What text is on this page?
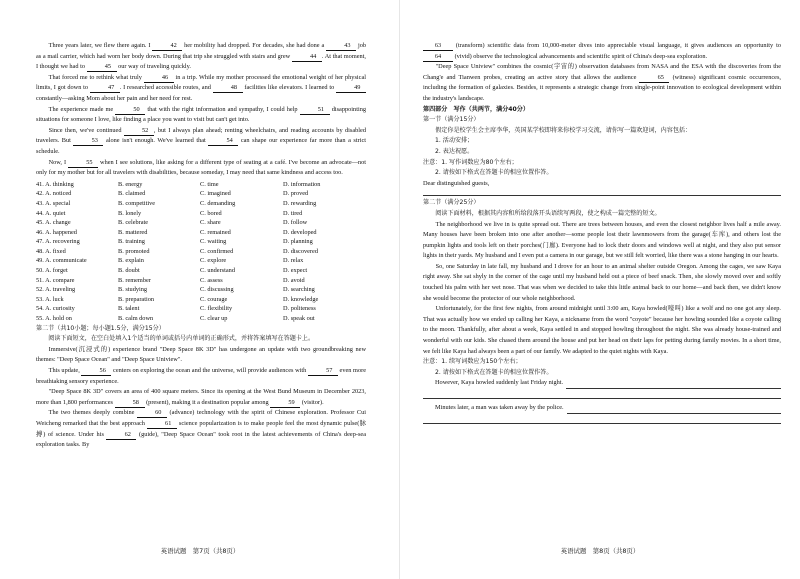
Three years later, we flew there again. I	42 her mobility had dropped. For decades, she had done a	43 job as a mail carrier, which had worn her body down. During that trip she struggled with stairs and grew	44 . At that moment, I thought we had to	45 our way of traveling quickly.

That forced me to rethink what truly	46 in a trip. While my mother processed the emotional weight of her physical limits, I got down to	47 . I researched accessible routes, and	48 facilities like elevators. I learned to	49 constantly—asking Mom about her pain and her need for rest.

The experience made me	50 that with the right information and sympathy, I could help	51 disappointing situations for someone I love, like finding a place you want to visit but can't get into.

Since then, we've continued	52 , but I always plan ahead; renting wheelchairs, and reading accounts by disabled travelers. But	53 alone isn't enough. We've learned that	54 can shape our experience far more than a strict schedule.

Now, I	55 when I see solutions, like asking for a different type of seating at a café. I've become an advocate—not only for my mother but for all travelers with disabilities, because someday, I may need that same kindness and access too.

41. A. thinking	B. energy	C. time	D. information
42. A. noticed	B. claimed	C. imagined	D. proved
43. A. special	B. competitive	C. demanding	D. rewarding
44. A. quiet	B. lonely	C. bored	D. tired
45. A. change	B. celebrate	C. share	D. follow
46. A. happened	B. mattered	C. remained	D. developed
47. A. recovering	B. training	C. waiting	D. planning
48. A. fixed	B. promoted	C. confirmed	D. discovered
49. A. communicate	B. explain	C. explore	D. relax
50. A. forget	B. doubt	C. understand	D. expect
51. A. compare	B. remember	C. assess	D. avoid
52. A. traveling	B. studying	C. discussing	D. searching
53. A. luck	B. preparation	C. courage	D. knowledge
54. A. curiosity	B. talent	C. flexibility	D. politeness
55. A. hold on	B. calm down	C. clear up	D. speak out

第二节（共10小题；每小题1.5分，满分15分）

阅读下面短文，在空白处填入1个适当的单词或括号内单词的正确形式，并将答案填写在答题卡上。

Immersive(沉浸式的) experience brand "Deep Space 8K 3D" has undergone an update with two groundbreaking new themes: "Deep Space Ocean" and "Deep Space Uniview".

This update,	56 centers on exploring the ocean and the universe, will provide audiences with	57 even more breathtaking sensory experience.

"Deep Space 8K 3D" covers an area of 400 square meters. Since its opening at the West Bund Museum in December 2023, more than 1,800 performances	58 (present), making it a destination popular among	59 (visitor).

The two themes deeply combine	60 (advance) technology with the spirit of Chinese exploration. Professor Cui Weicheng remarked that the best approach	61 science popularization is to make people feel the most dynamic pulse(脉搏) of science. Under his	62 (guide), "Deep Space Ocean" took root in the latest achievements of China's deep-sea exploration tasks. By

英语试题　第7页（共8页）

63 (transform) scientific data from 10,000-meter dives into appreciable visual language, it gives audiences an opportunity to 64 (vivid) observe the technological advancements and scientific spirit of China's deep-sea exploration.

"Deep Space Uniview" combines the cosmic(宇宙的) observation databases from NASA and the ESA with the discoveries from the Chang'e and Tianwen probes, creating an active story that allows the audience	65 (witness) significant cosmic occurrences, including the formation of galaxies. Besides, it represents a strategic change from single-point innovation to ecological development within the industry's landscape.

第四部分　写作（共两节，满分40分）

第一节（满分15分）

假定你是校学生会主席李华，英国某学校即将来你校学习交流，请你写一篇欢迎词，内容包括：

1. 活动安排；

2. 表达祝愿。

注意：1. 写作词数应为80个左右；

2. 请按如下格式在答题卡的相应位置作答。

Dear distinguished guests,

第二节（满分25分）

阅读下面材料，根据其内容和所给段落开头语续写两段，使之构成一篇完整的短文。

The neighborhood we live in is quite spread out. There are trees between houses, and even the closest neighbor lives half a mile away. Many houses have been broken into one after another—some people lost their lawnmowers from the garage(车库), and others lost the pumpkin lights and tools left on their porches(门廊). Everyone had to lock their doors and windows well at night, and they also put sensor lights in their yards. My husband and I even put a camera in our garage, but we still felt worried, like there was a stone hanging in our hearts.

So, one Saturday in late fall, my husband and I drove for an hour to an animal shelter outside Oregon. Among the cages, we saw Kaya right away. She sat shyly in the corner of the cage until my husband held out a piece of beef snack. Then, she slowly moved over and softly touched his palm with her wet nose. That was when we decided to take this little animal back to our home—and back then, we didn't know she would become the protector of our whole neighborhood.

Unfortunately, for the first few nights, from around midnight until 3:00 am, Kaya howled(嚎叫) like a wolf and no one got any sleep. That was actually how we ended up calling her Kaya, a nickname from the word "coyote" because her howling sounded like a coyote calling to the moon. Thankfully, after about a week, Kaya settled in and stopped howling throughout the night. She was already house-trained and wonderful with our kids. She chased them around the house and put her head on their laps for petting during family movies. In a short time, we felt like Kaya had always been a part of our family. We adapted to the quiet nights with Kaya.

注意：1. 续写词数应为150个左右；

2. 请按如下格式在答题卡的相应位置作答。

However, Kaya howled suddenly last Friday night.
Minutes later, a man was taken away by the police.
英语试题　第8页（共8页）
